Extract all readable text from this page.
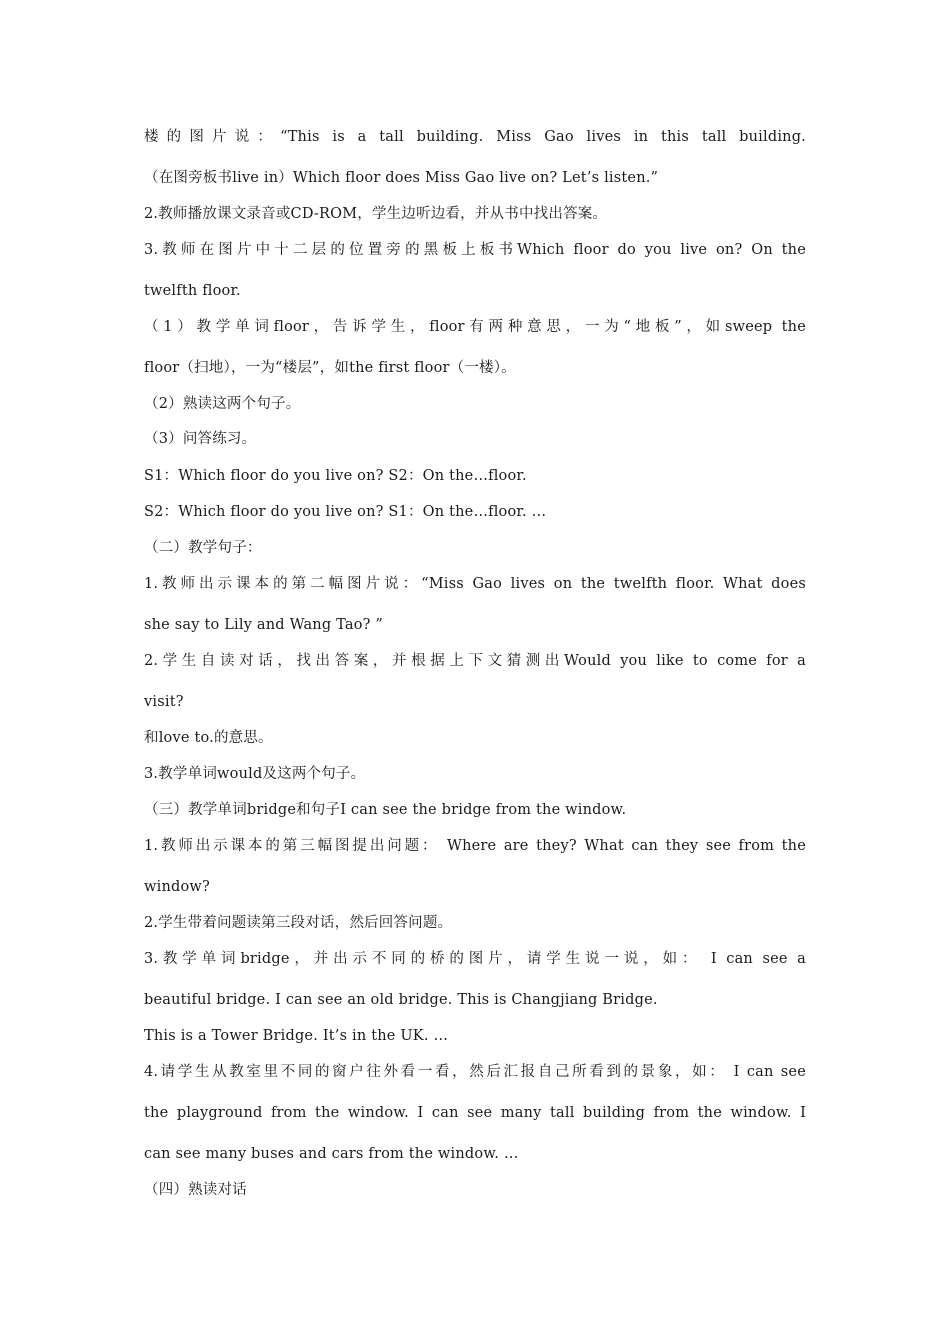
楼的图片说：“This is a tall building. Miss Gao lives in this tall building.

（在图旁板书live in）Which floor does Miss Gao live on? Let’s listen.”

2.教师播放课文录音或CD-ROM，学生边听边看，并从书中找出答案。

3.教师在图片中十二层的位置旁的黑板上板书Which floor do you live on? On the

twelfth floor.

（1）教学单词floor，告诉学生，floor有两种意思，一为“地板”，如sweep the

floor（扫地），一为“楼层”，如the first floor（一楼）。

（2）熟读这两个句子。

（3）问答练习。

S1：Which floor do you live on? S2：On the…floor.

S2：Which floor do you live on? S1：On the…floor. …

（二）教学句子：

1.教师出示课本的第二幅图片说：“Miss Gao lives on the twelfth floor. What does

she say to Lily and Wang Tao? ”

2.学生自读对话，找出答案，并根据上下文猜测出Would you like to come for a

visit?

和love to.的意思。

3.教学单词would及这两个句子。

（三）教学单词bridge和句子I can see the bridge from the window.

1.教师出示课本的第三幅图提出问题： Where are they? What can they see from the

window?

2.学生带着问题读第三段对话，然后回答问题。

3.教学单词bridge，并出示不同的桥的图片，请学生说一说，如： I can see a

beautiful bridge. I can see an old bridge. This is Changjiang Bridge.

This is a Tower Bridge. It’s in the UK. …

4.请学生从教室里不同的窗户往外看一看，然后汇报自己所看到的景象，如： I can see

the playground from the window. I can see many tall building from the window. I

can see many buses and cars from the window. …

（四）熟读对话
